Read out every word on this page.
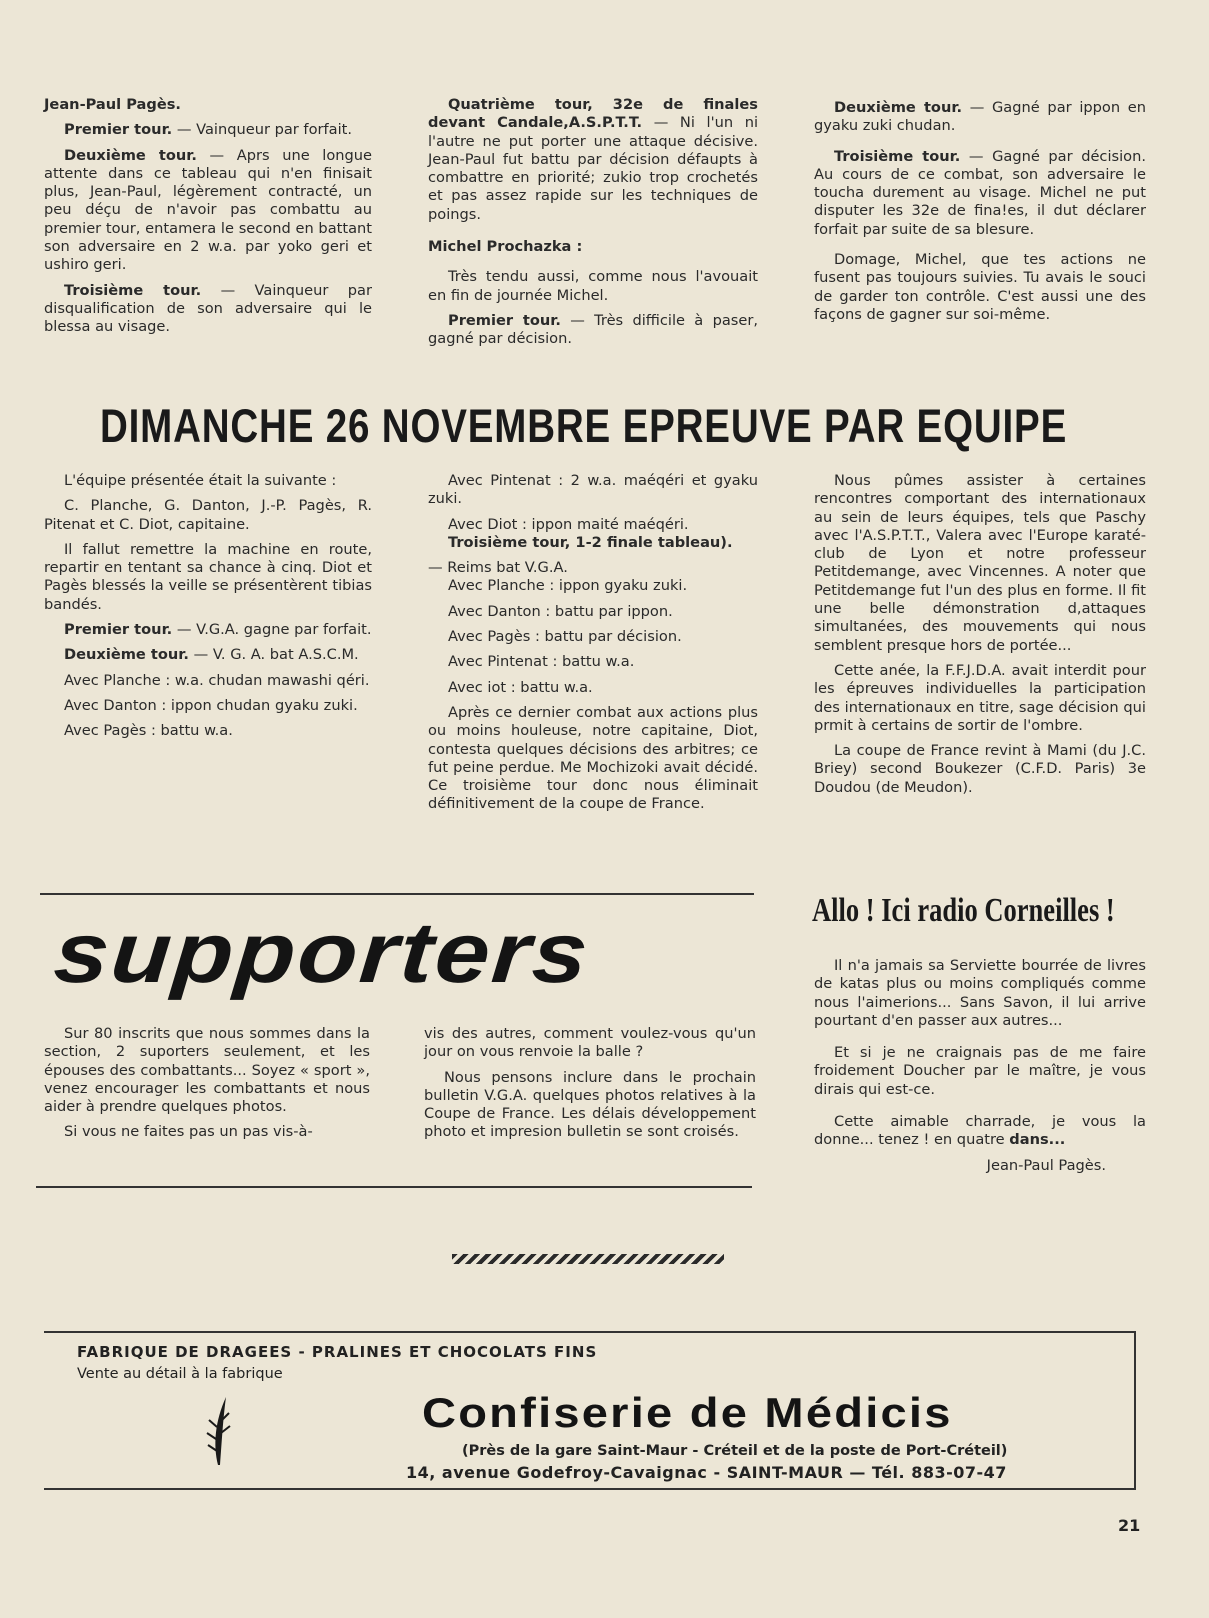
Jean-Paul Pagès.

Premier tour. — Vainqueur par forfait.

Deuxième tour. — Aprs une longue attente dans ce tableau qui n'en finisait plus, Jean-Paul, légèrement contracté, un peu déçu de n'avoir pas combattu au premier tour, entamera le second en battant son adversaire en 2 w.a. par yoko geri et ushiro geri.

Troisième tour. — Vainqueur par disqualification de son adversaire qui le blessa au visage.

Quatrième tour, 32e de finales devant Candale,A.S.P.T.T. — Ni l'un ni l'autre ne put porter une attaque décisive. Jean-Paul fut battu par décision défaupts à combattre en priorité; zukio trop crochetés et pas assez rapide sur les techniques de poings.

Michel Prochazka :

Très tendu aussi, comme nous l'avouait en fin de journée Michel.

Premier tour. — Très difficile à paser, gagné par décision.

Deuxième tour. — Gagné par ippon en gyaku zuki chudan.

Troisième tour. — Gagné par décision. Au cours de ce combat, son adversaire le toucha durement au visage. Michel ne put disputer les 32e de fina!es, il dut déclarer forfait par suite de sa blesure.

Domage, Michel, que tes actions ne fusent pas toujours suivies. Tu avais le souci de garder ton contrôle. C'est aussi une des façons de gagner sur soi-même.

DIMANCHE 26 NOVEMBRE EPREUVE PAR EQUIPE

L'équipe présentée était la suivante :

C. Planche, G. Danton, J.-P. Pagès, R. Pitenat et C. Diot, capitaine.

Il fallut remettre la machine en route, repartir en tentant sa chance à cinq. Diot et Pagès blessés la veille se présentèrent tibias bandés.

Premier tour. — V.G.A. gagne par forfait.

Deuxième tour. — V. G. A. bat A.S.C.M.

Avec Planche : w.a. chudan mawashi qéri.

Avec Danton : ippon chudan gyaku zuki.

Avec Pagès : battu w.a.

Avec Pintenat : 2 w.a. maéqéri et gyaku zuki.

Avec Diot : ippon maité maéqéri.

Troisième tour, 1-2 finale tableau).

— Reims bat V.G.A.

Avec Planche : ippon gyaku zuki.

Avec Danton : battu par ippon.

Avec Pagès : battu par décision.

Avec Pintenat : battu w.a.

Avec iot : battu w.a.

Après ce dernier combat aux actions plus ou moins houleuse, notre capitaine, Diot, contesta quelques décisions des arbitres; ce fut peine perdue. Me Mochizoki avait décidé. Ce troisième tour donc nous éliminait définitivement de la coupe de France.

Nous pûmes assister à certaines rencontres comportant des internationaux au sein de leurs équipes, tels que Paschy avec l'A.S.P.T.T., Valera avec l'Europe karaté-club de Lyon et notre professeur Petitdemange, avec Vincennes. A noter que Petitdemange fut l'un des plus en forme. Il fit une belle démonstration d,attaques simultanées, des mouvements qui nous semblent presque hors de portée...

Cette anée, la F.F.J.D.A. avait interdit pour les épreuves individuelles la participation des internationaux en titre, sage décision qui prmit à certains de sortir de l'ombre.

La coupe de France revint à Mami (du J.C. Briey) second Boukezer (C.F.D. Paris) 3e Doudou (de Meudon).

supporters

Sur 80 inscrits que nous sommes dans la section, 2 suporters seulement, et les épouses des combattants... Soyez « sport », venez encourager les combattants et nous aider à prendre quelques photos.

Si vous ne faites pas un pas vis-à-

vis des autres, comment voulez-vous qu'un jour on vous renvoie la balle ?

Nous pensons inclure dans le prochain bulletin V.G.A. quelques photos relatives à la Coupe de France. Les délais développement photo et impresion bulletin se sont croisés.

Allo ! Ici radio Corneilles !

Il n'a jamais sa Serviette bourrée de livres de katas plus ou moins compliqués comme nous l'aimerions... Sans Savon, il lui arrive pourtant d'en passer aux autres...

Et si je ne craignais pas de me faire froidement Doucher par le maître, je vous dirais qui est-ce.

Cette aimable charrade, je vous la donne... tenez ! en quatre dans...

Jean-Paul Pagès.

FABRIQUE DE DRAGEES - PRALINES ET CHOCOLATS FINS
Vente au détail à la fabrique
Confiserie de Médicis
(Près de la gare Saint-Maur - Créteil et de la poste de Port-Créteil)
14, avenue Godefroy-Cavaignac - SAINT-MAUR — Tél. 883-07-47
21
